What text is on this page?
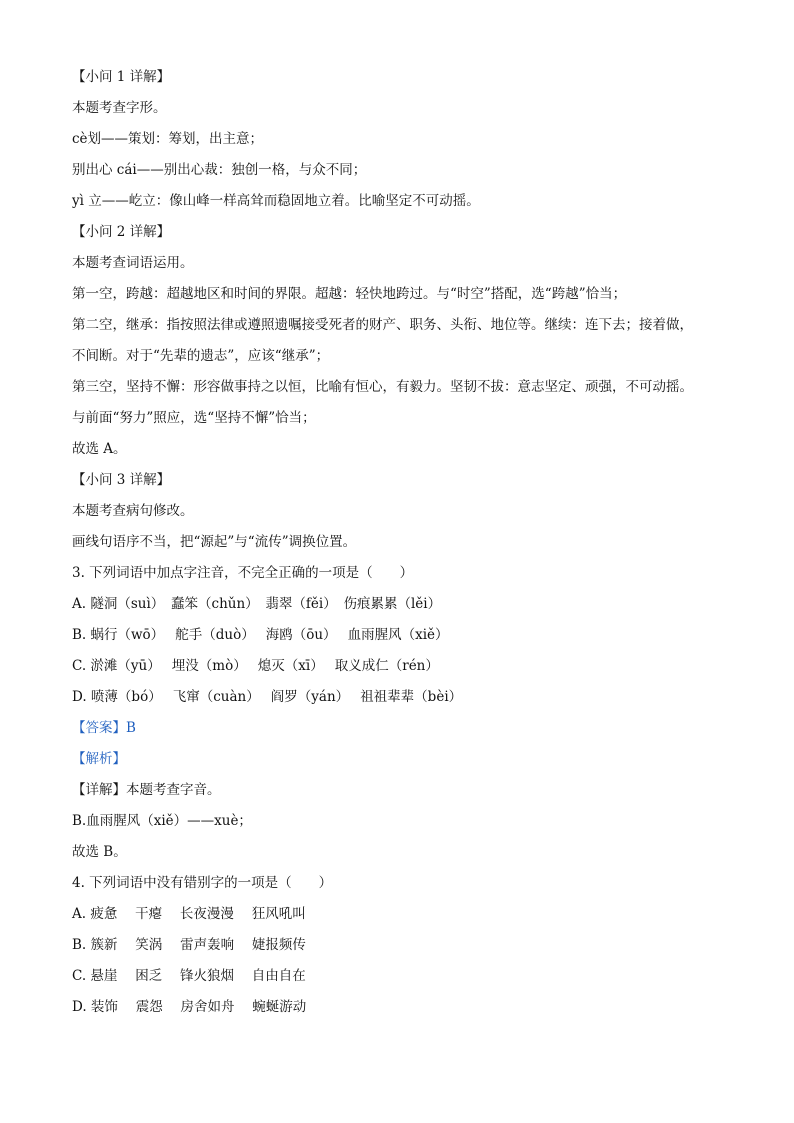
【小问 1 详解】
本题考查字形。
cè划——策划：筹划，出主意；
别出心 cái——别出心裁：独创一格，与众不同；
yì 立——屹立：像山峰一样高耸而稳固地立着。比喻坚定不可动摇。
【小问 2 详解】
本题考查词语运用。
第一空，跨越：超越地区和时间的界限。超越：轻快地跨过。与“时空”搭配，选“跨越”恰当；
第二空，继承：指按照法律或遵照遗嘱接受死者的财产、职务、头衔、地位等。继续：连下去；接着做，
不间断。对于“先辈的遗志”，应该“继承”；
第三空，坚持不懈：形容做事持之以恒，比喻有恒心，有毅力。坚韧不拔：意志坚定、顽强，不可动摇。
与前面“努力”照应，选“坚持不懈”恰当；
故选 A。
【小问 3 详解】
本题考查病句修改。
画线句语序不当，把“源起”与“流传”调换位置。
3. 下列词语中加点字注音，不完全正确的一项是（　　）
A. 隧洞（suì）　蠢笨（chǔn）　翡翠（fěi）　伤痕累累（lěi）
B. 蜗行（wō）　 舵手（duò）　 海鸥（ōu）　 血雨腥风（xiě）
C. 淤滩（yū）　 埋没（mò）　 熄灭（xī）　 取义成仁（rén）
D. 喷薄（bó）　 飞窜（cuàn）　 阎罗（yán）　 祖祖辈辈（bèi）
【答案】B
【解析】
【详解】本题考查字音。
B.血雨腥风（xiě）——xuè；
故选 B。
4. 下列词语中没有错别字的一项是（　　）
A. 疲惫　 干瘪　 长夜漫漫　 狂风吼叫
B. 簇新　 笑涡　 雷声轰响　 婕报频传
C. 悬崖　 困乏　 锋火狼烟　 自由自在
D. 装饰　 震怨　 房舍如舟　 蜿蜒游动
